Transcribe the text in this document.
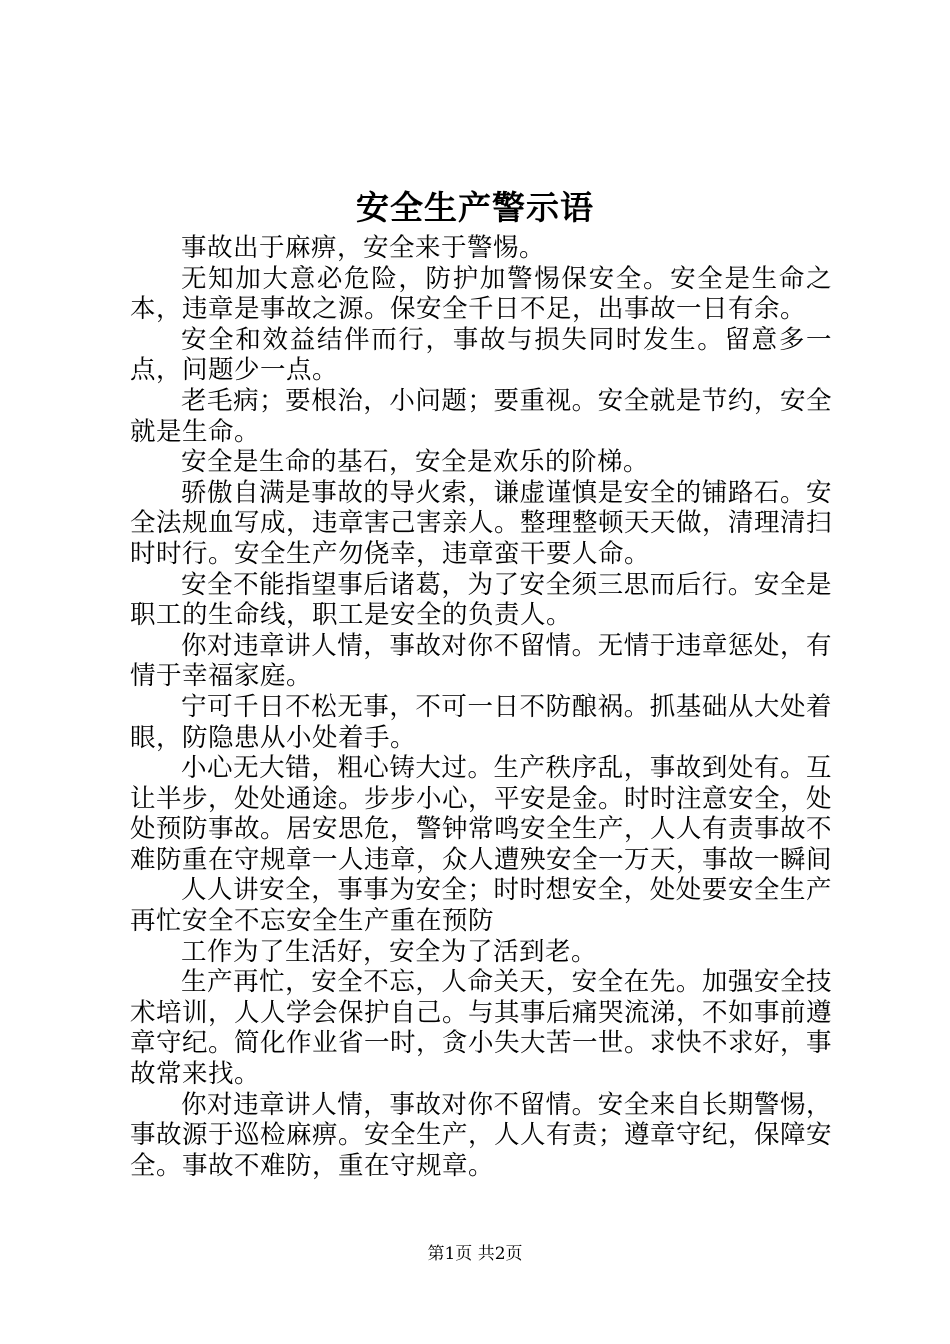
安全生产警示语

事故出于麻痹，安全来于警惕。

无知加大意必危险，防护加警惕保安全。安全是生命之本，违章是事故之源。保安全千日不足，出事故一日有余。

安全和效益结伴而行，事故与损失同时发生。留意多一点，问题少一点。

老毛病；要根治，小问题；要重视。安全就是节约，安全就是生命。

安全是生命的基石，安全是欢乐的阶梯。

骄傲自满是事故的导火索，谦虚谨慎是安全的铺路石。安全法规血写成，违章害己害亲人。整理整顿天天做，清理清扫时时行。安全生产勿侥幸，违章蛮干要人命。

安全不能指望事后诸葛，为了安全须三思而后行。安全是职工的生命线，职工是安全的负责人。

你对违章讲人情，事故对你不留情。无情于违章惩处，有情于幸福家庭。

宁可千日不松无事，不可一日不防酿祸。抓基础从大处着眼，防隐患从小处着手。

小心无大错，粗心铸大过。生产秩序乱，事故到处有。互让半步，处处通途。步步小心，平安是金。时时注意安全，处处预防事故。居安思危，警钟常鸣安全生产，人人有责事故不难防重在守规章一人违章，众人遭殃安全一万天，事故一瞬间

人人讲安全，事事为安全；时时想安全，处处要安全生产再忙安全不忘安全生产重在预防

工作为了生活好，安全为了活到老。

生产再忙，安全不忘，人命关天，安全在先。加强安全技术培训，人人学会保护自己。与其事后痛哭流涕，不如事前遵章守纪。简化作业省一时，贪小失大苦一世。求快不求好，事故常来找。

你对违章讲人情，事故对你不留情。安全来自长期警惕，事故源于巡检麻痹。安全生产，人人有责；遵章守纪，保障安全。事故不难防，重在守规章。

第1页 共2页
